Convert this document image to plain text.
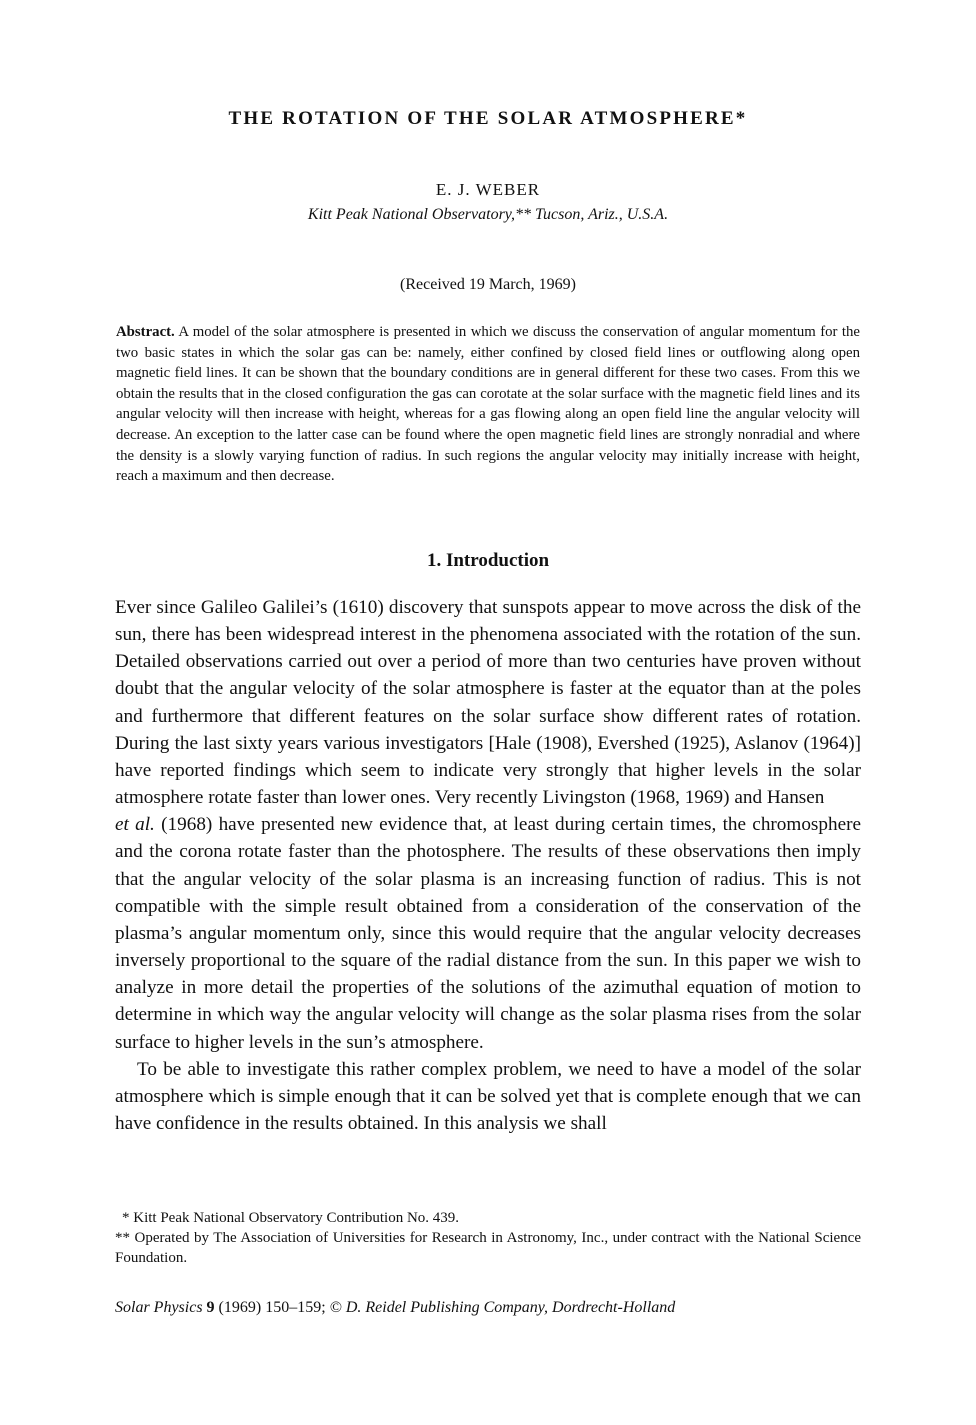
THE ROTATION OF THE SOLAR ATMOSPHERE*
E. J. WEBER
Kitt Peak National Observatory,** Tucson, Ariz., U.S.A.
(Received 19 March, 1969)
Abstract. A model of the solar atmosphere is presented in which we discuss the conservation of angular momentum for the two basic states in which the solar gas can be: namely, either confined by closed field lines or outflowing along open magnetic field lines. It can be shown that the boundary conditions are in general different for these two cases. From this we obtain the results that in the closed configuration the gas can corotate at the solar surface with the magnetic field lines and its angular velocity will then increase with height, whereas for a gas flowing along an open field line the angular velocity will decrease. An exception to the latter case can be found where the open magnetic field lines are strongly nonradial and where the density is a slowly varying function of radius. In such regions the angular velocity may initially increase with height, reach a maximum and then decrease.
1. Introduction

Ever since Galileo Galilei’s (1610) discovery that sunspots appear to move across the disk of the sun, there has been widespread interest in the phenomena associated with the rotation of the sun. Detailed observations carried out over a period of more than two centuries have proven without doubt that the angular velocity of the solar atmosphere is faster at the equator than at the poles and furthermore that different features on the solar surface show different rates of rotation. During the last sixty years various investigators [Hale (1908), Evershed (1925), Aslanov (1964)] have reported findings which seem to indicate very strongly that higher levels in the solar atmosphere rotate faster than lower ones. Very recently Livingston (1968, 1969) and Hansen
et al. (1968) have presented new evidence that, at least during certain times, the chromosphere and the corona rotate faster than the photosphere. The results of these observations then imply that the angular velocity of the solar plasma is an increasing function of radius. This is not compatible with the simple result obtained from a consideration of the conservation of the plasma’s angular momentum only, since this would require that the angular velocity decreases inversely proportional to the square of the radial distance from the sun. In this paper we wish to analyze in more detail the properties of the solutions of the azimuthal equation of motion to determine in which way the angular velocity will change as the solar plasma rises from the solar surface to higher levels in the sun’s atmosphere.

To be able to investigate this rather complex problem, we need to have a model of the solar atmosphere which is simple enough that it can be solved yet that is complete enough that we can have confidence in the results obtained. In this analysis we shall

* Kitt Peak National Observatory Contribution No. 439.

** Operated by The Association of Universities for Research in Astronomy, Inc., under contract with the National Science Foundation.

Solar Physics 9 (1969) 150–159; © D. Reidel Publishing Company, Dordrecht-Holland
